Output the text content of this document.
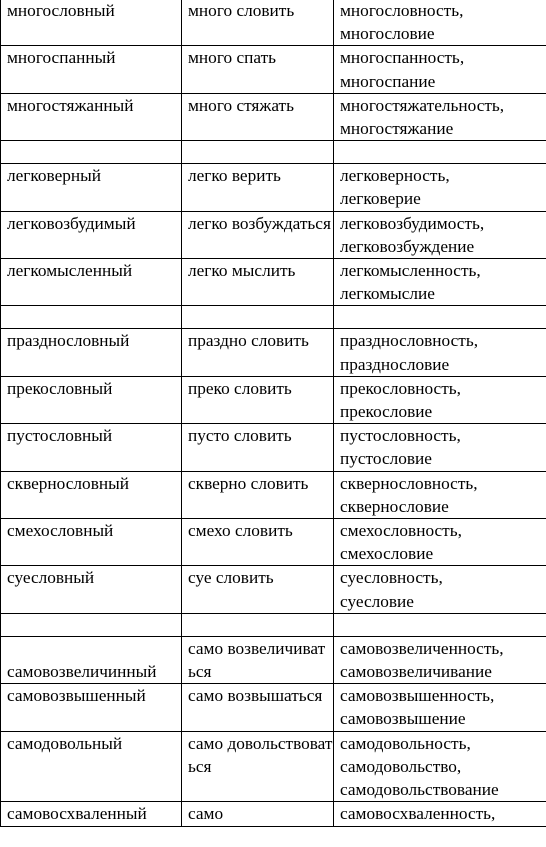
многословный	много словить	многословность,
многословие

многоспанный	много спать	многоспанность,
многоспание

многостяжанный	много стяжать	многостяжательность,
многостяжание

легковерный	легко верить	легковерность,
легковерие

легковозбудимый	легко возбуждаться	легковозбудимость,
легковозбуждение

легкомысленный	легко мыслить	легкомысленность,
легкомыслие

празднословный	праздно словить	празднословность,
празднословие

прекословный	преко словить	прекословность,
прекословие

пустословный	пусто словить	пустословность,
пустословие

сквернословный	скверно словить	сквернословность,
сквернословие

смехословный	смехо словить	смехословность,
смехословие

суесловный	суе словить	суесловность,
суесловие

самовозвеличинный	само возвеличиваться	самовозвеличенность,
самовозвеличивание

самовозвышенный	само возвышаться	самовозвышенность,
самовозвышение

самодовольный	само довольствоваться	самодовольность,
самодовольство,
самодовольствование

самовосхваленный	само	самовосхваленность,
